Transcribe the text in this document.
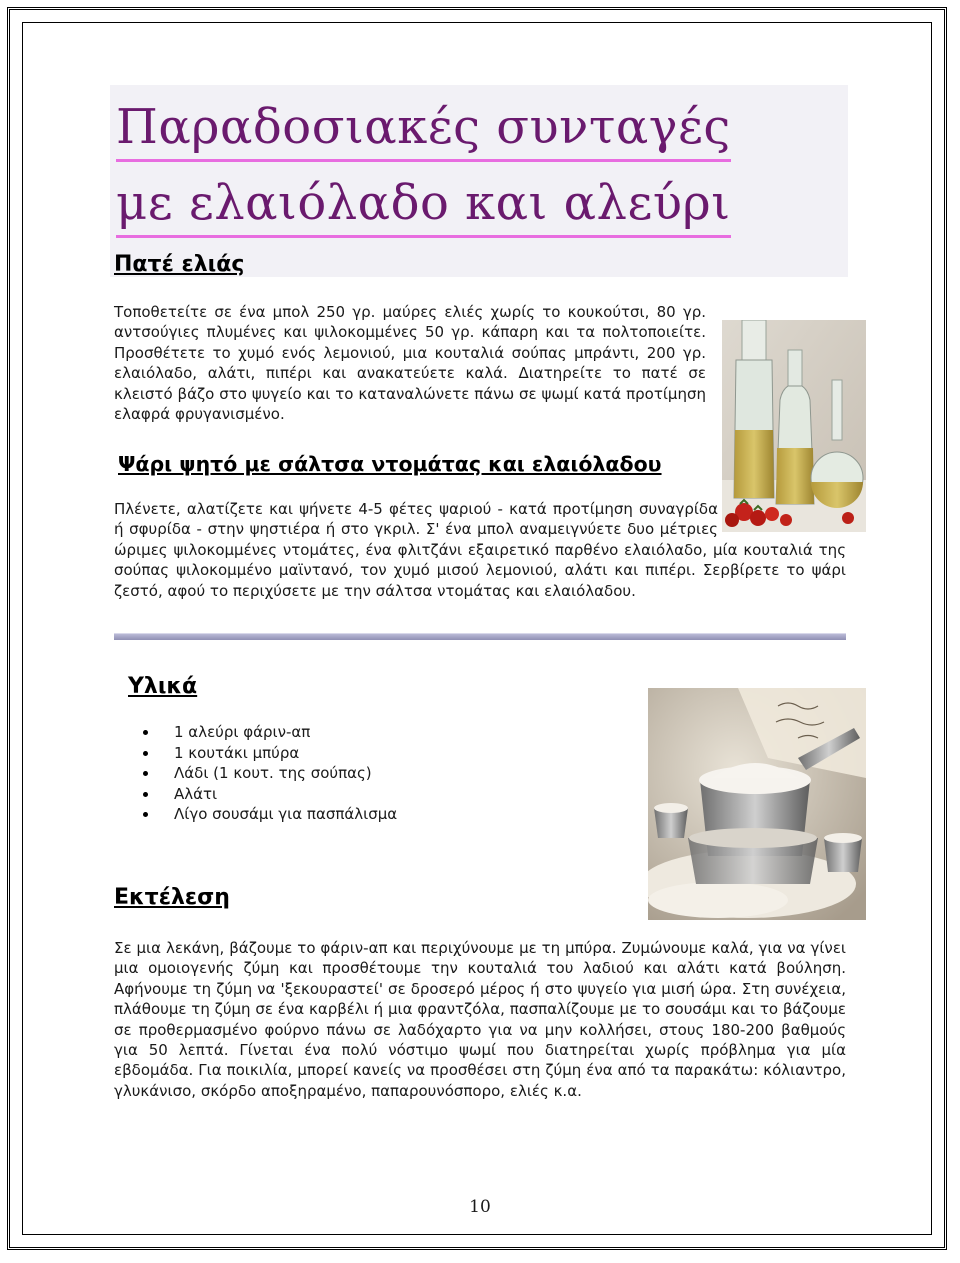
Παραδοσιακές συνταγές
με ελαιόλαδο και αλεύρι
Πατέ ελιάς

Τοποθετείτε σε ένα μπολ 250 γρ. μαύρες ελιές χωρίς το κουκούτσι, 80 γρ. αντσούγιες πλυμένες και ψιλοκομμένες 50 γρ. κάπαρη και τα πολτοποιείτε. Προσθέτετε το χυμό ενός λεμονιού, μια κουταλιά σούπας μπράντι, 200 γρ. ελαιόλαδο, αλάτι, πιπέρι και ανακατεύετε καλά. Διατηρείτε το πατέ σε κλειστό βάζο στο ψυγείο και το καταναλώνετε πάνω σε ψωμί κατά προτίμηση ελαφρά φρυγανισμένο.

Ψάρι ψητό με σάλτσα ντομάτας και ελαιόλαδου

Πλένετε, αλατίζετε και ψήνετε 4-5 φέτες ψαριού - κατά προτίμηση συναγρίδα ή σφυρίδα - στην ψηστιέρα ή στο γκριλ. Σ' ένα μπολ αναμειγνύετε δυο μέτριες ώριμες ψιλοκομμένες ντομάτες, ένα φλιτζάνι εξαιρετικό παρθένο ελαιόλαδο, μία κουταλιά της σούπας ψιλοκομμένο μαϊντανό, τον χυμό μισού λεμονιού, αλάτι και πιπέρι. Σερβίρετε το ψάρι ζεστό, αφού το περιχύσετε με την σάλτσα ντομάτας και ελαιόλαδου.
Υλικά
1 αλεύρι φάριν-απ
1 κουτάκι μπύρα
Λάδι (1 κουτ. της σούπας)
Αλάτι
Λίγο σουσάμι για πασπάλισμα
Εκτέλεση

Σε μια λεκάνη, βάζουμε το φάριν-απ και περιχύνουμε με τη μπύρα. Ζυμώνουμε καλά, για να γίνει μια ομοιογενής ζύμη και προσθέτουμε την κουταλιά του λαδιού και αλάτι κατά βούληση. Αφήνουμε τη ζύμη να 'ξεκουραστεί' σε δροσερό μέρος ή στο ψυγείο για μισή ώρα. Στη συνέχεια, πλάθουμε τη ζύμη σε ένα καρβέλι ή μια φραντζόλα, πασπαλίζουμε με το σουσάμι και το βάζουμε σε προθερμασμένο φούρνο πάνω σε λαδόχαρτο για να μην κολλήσει, στους 180-200 βαθμούς για 50 λεπτά. Γίνεται ένα πολύ νόστιμο ψωμί που διατηρείται χωρίς πρόβλημα για μία εβδομάδα. Για ποικιλία, μπορεί κανείς να προσθέσει στη ζύμη ένα από τα παρακάτω: κόλιαντρο, γλυκάνισο, σκόρδο αποξηραμένο, παπαρουνόσπορο, ελιές κ.α.

10
